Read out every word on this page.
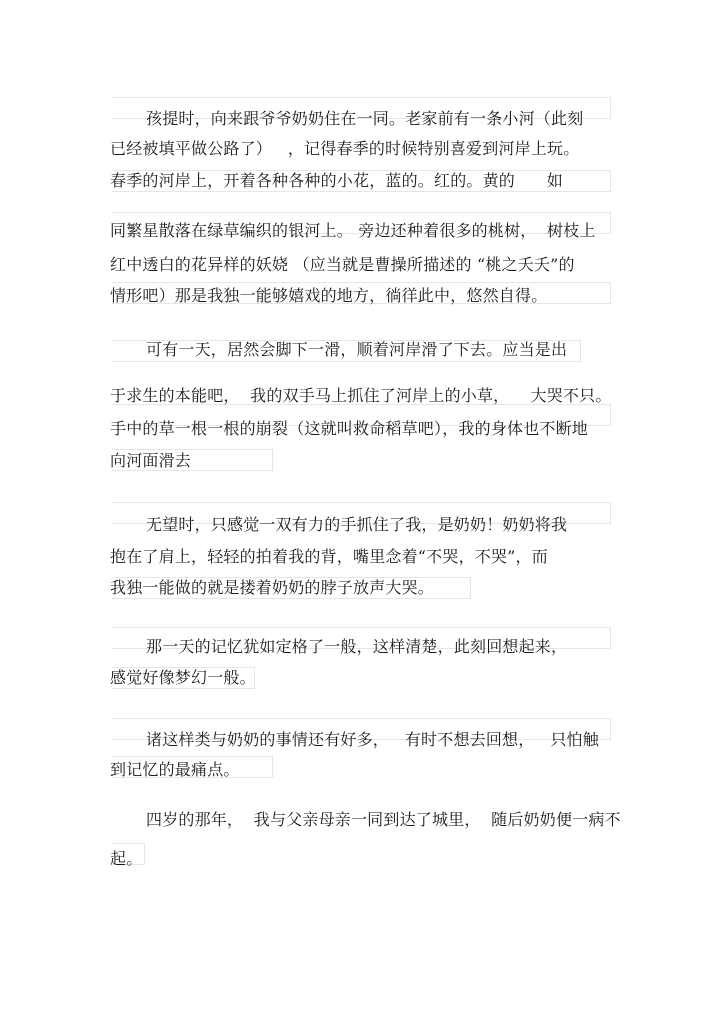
孩提时，向来跟爷爷奶奶住在一同。老家前有一条小河（此刻
已经被填平做公路了）   ，记得春季的时候特别喜爱到河岸上玩。
春季的河岸上，开着各种各种的小花，蓝的。红的。黄的      如
同繁星散落在绿草编织的银河上。 旁边还种着很多的桃树，  树枝上
红中透白的花异样的妖娆 （应当就是曹操所描述的 “桃之夭夭”的
情形吧）那是我独一能够嬉戏的地方，徜徉此中，悠然自得。
可有一天，居然会脚下一滑，顺着河岸滑了下去。应当是出
于求生的本能吧，  我的双手马上抓住了河岸上的小草，    大哭不只。
手中的草一根一根的崩裂（这就叫救命稻草吧），我的身体也不断地
向河面滑去
无望时，只感觉一双有力的手抓住了我，是奶奶！奶奶将我
抱在了肩上，轻轻的拍着我的背，嘴里念着“不哭，不哭”，而
我独一能做的就是搂着奶奶的脖子放声大哭。
那一天的记忆犹如定格了一般，这样清楚，此刻回想起来，
感觉好像梦幻一般。
诸这样类与奶奶的事情还有好多，   有时不想去回想，   只怕触
到记忆的最痛点。
四岁的那年，  我与父亲母亲一同到达了城里，  随后奶奶便一病不
起。
